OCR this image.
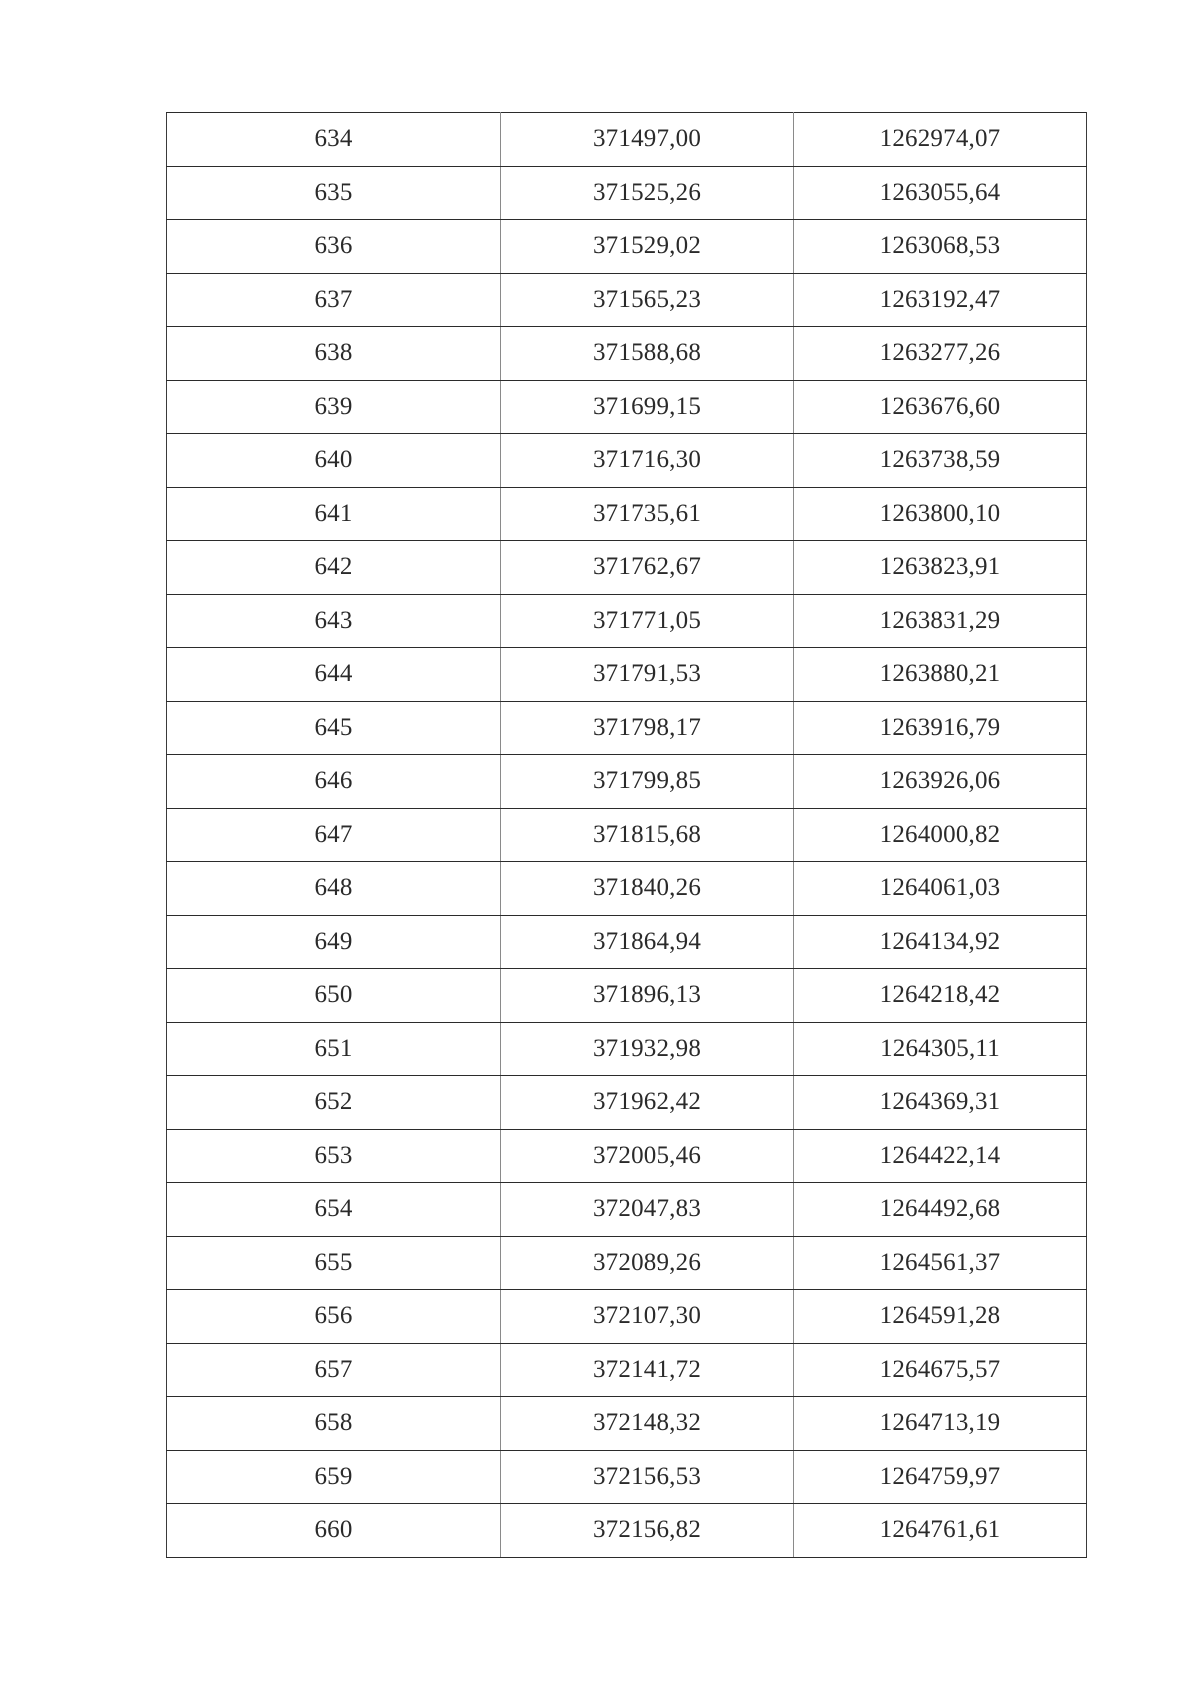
634	371497,00	1262974,07
635	371525,26	1263055,64
636	371529,02	1263068,53
637	371565,23	1263192,47
638	371588,68	1263277,26
639	371699,15	1263676,60
640	371716,30	1263738,59
641	371735,61	1263800,10
642	371762,67	1263823,91
643	371771,05	1263831,29
644	371791,53	1263880,21
645	371798,17	1263916,79
646	371799,85	1263926,06
647	371815,68	1264000,82
648	371840,26	1264061,03
649	371864,94	1264134,92
650	371896,13	1264218,42
651	371932,98	1264305,11
652	371962,42	1264369,31
653	372005,46	1264422,14
654	372047,83	1264492,68
655	372089,26	1264561,37
656	372107,30	1264591,28
657	372141,72	1264675,57
658	372148,32	1264713,19
659	372156,53	1264759,97
660	372156,82	1264761,61
